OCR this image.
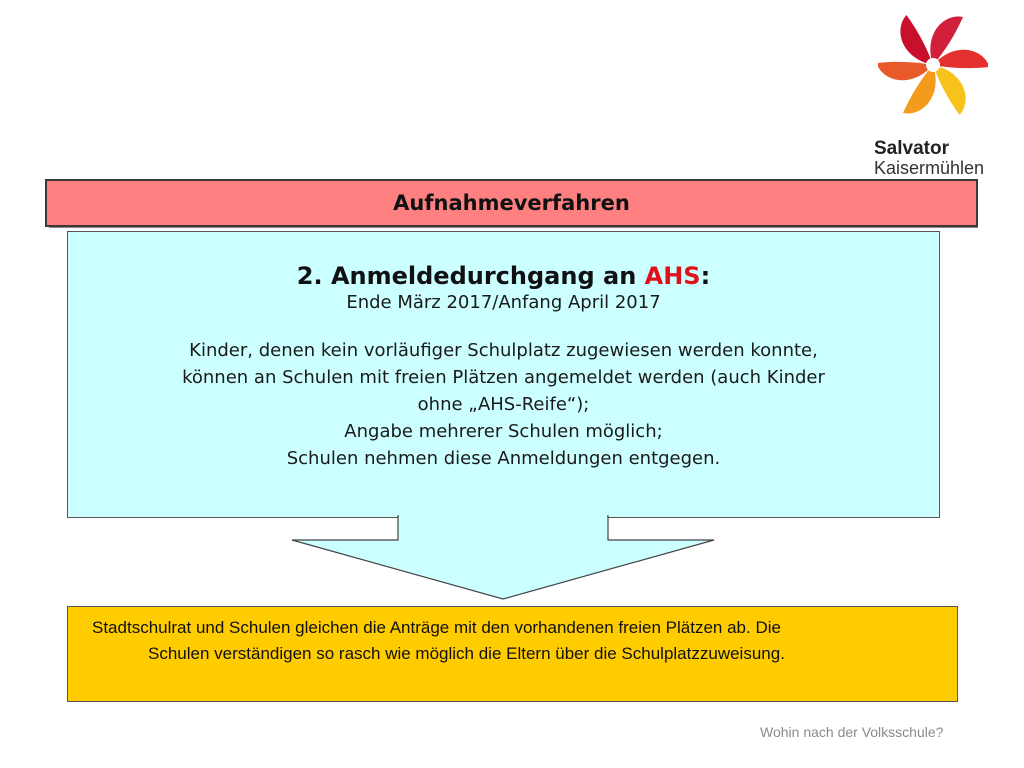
Salvator
Kaisermühlen
Aufnahmeverfahren
2. Anmeldedurchgang an AHS:
Ende März 2017/Anfang April 2017
Kinder, denen kein vorläufiger Schulplatz zugewiesen werden konnte,
können an Schulen mit freien Plätzen angemeldet werden (auch Kinder
ohne „AHS-Reife“);
Angabe mehrerer Schulen möglich;
Schulen nehmen diese Anmeldungen entgegen.
Stadtschulrat und Schulen gleichen die Anträge mit den vorhandenen freien Plätzen ab. Die
Schulen verständigen so rasch wie möglich die Eltern über die Schulplatzzuweisung.
Wohin nach der Volksschule?
